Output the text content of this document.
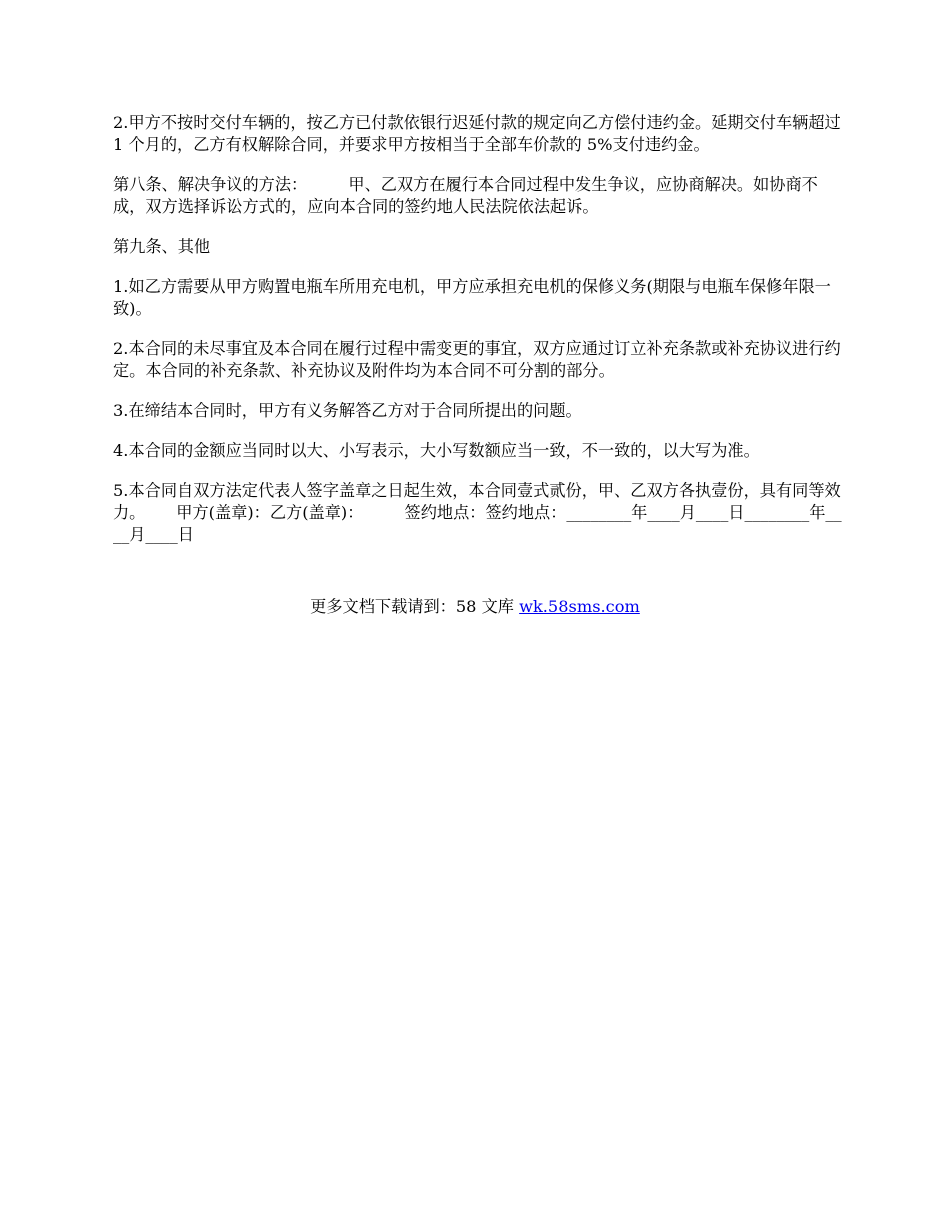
2.甲方不按时交付车辆的，按乙方已付款依银行迟延付款的规定向乙方偿付违约金。延期交付车辆超过 1 个月的，乙方有权解除合同，并要求甲方按相当于全部车价款的 5%支付违约金。

第八条、解决争议的方法：        甲、乙双方在履行本合同过程中发生争议，应协商解决。如协商不成，双方选择诉讼方式的，应向本合同的签约地人民法院依法起诉。

第九条、其他

1.如乙方需要从甲方购置电瓶车所用充电机，甲方应承担充电机的保修义务(期限与电瓶车保修年限一致)。

2.本合同的未尽事宜及本合同在履行过程中需变更的事宜，双方应通过订立补充条款或补充协议进行约定。本合同的补充条款、补充协议及附件均为本合同不可分割的部分。

3.在缔结本合同时，甲方有义务解答乙方对于合同所提出的问题。

4.本合同的金额应当同时以大、小写表示，大小写数额应当一致，不一致的，以大写为准。

5.本合同自双方法定代表人签字盖章之日起生效，本合同壹式贰份，甲、乙双方各执壹份，具有同等效力。      甲方(盖章)：乙方(盖章)：        签约地点：签约地点：________年____月____日________年____月____日

更多文档下载请到：58 文库 wk.58sms.com
